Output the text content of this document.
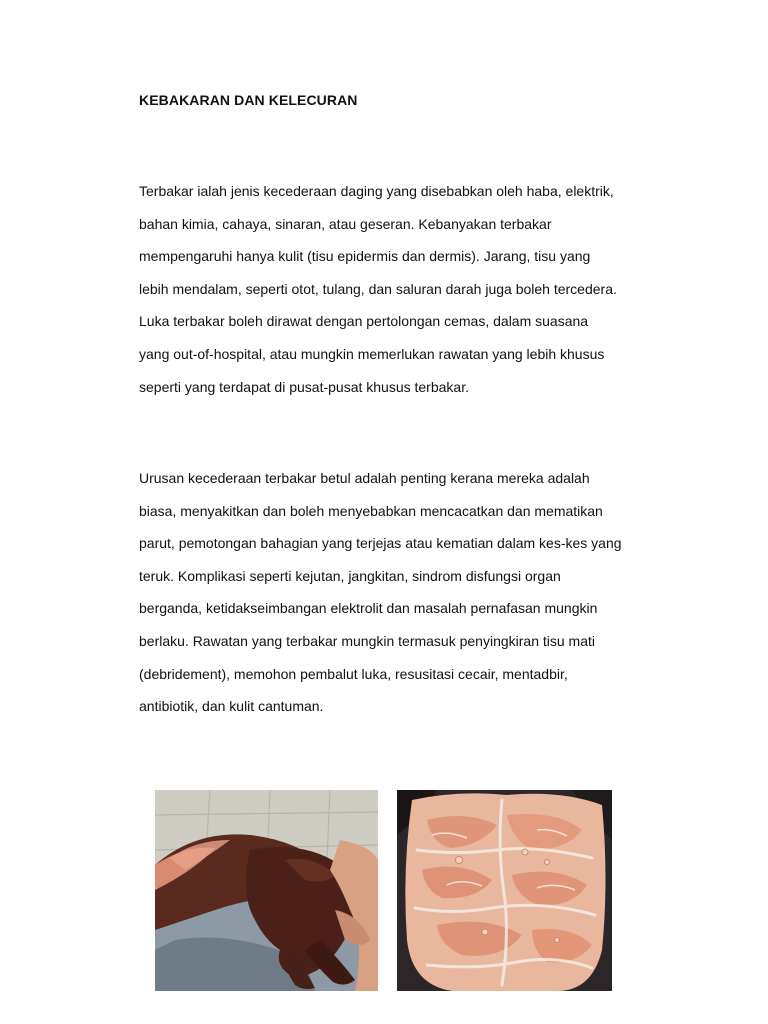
KEBAKARAN DAN KELECURAN
Terbakar ialah jenis kecederaan daging yang disebabkan oleh haba, elektrik,
bahan kimia, cahaya, sinaran, atau geseran. Kebanyakan terbakar
mempengaruhi hanya kulit (tisu epidermis dan dermis). Jarang, tisu yang
lebih mendalam, seperti otot, tulang, dan saluran darah juga boleh tercedera.
Luka terbakar boleh dirawat dengan pertolongan cemas, dalam suasana
yang out-of-hospital, atau mungkin memerlukan rawatan yang lebih khusus
seperti yang terdapat di pusat-pusat khusus terbakar.
Urusan kecederaan terbakar betul adalah penting kerana mereka adalah
biasa, menyakitkan dan boleh menyebabkan mencacatkan dan mematikan
parut, pemotongan bahagian yang terjejas atau kematian dalam kes-kes yang
teruk. Komplikasi seperti kejutan, jangkitan, sindrom disfungsi organ
berganda, ketidakseimbangan elektrolit dan masalah pernafasan mungkin
berlaku. Rawatan yang terbakar mungkin termasuk penyingkiran tisu mati
(debridement), memohon pembalut luka, resusitasi cecair, mentadbir,
antibiotik, dan kulit cantuman.
